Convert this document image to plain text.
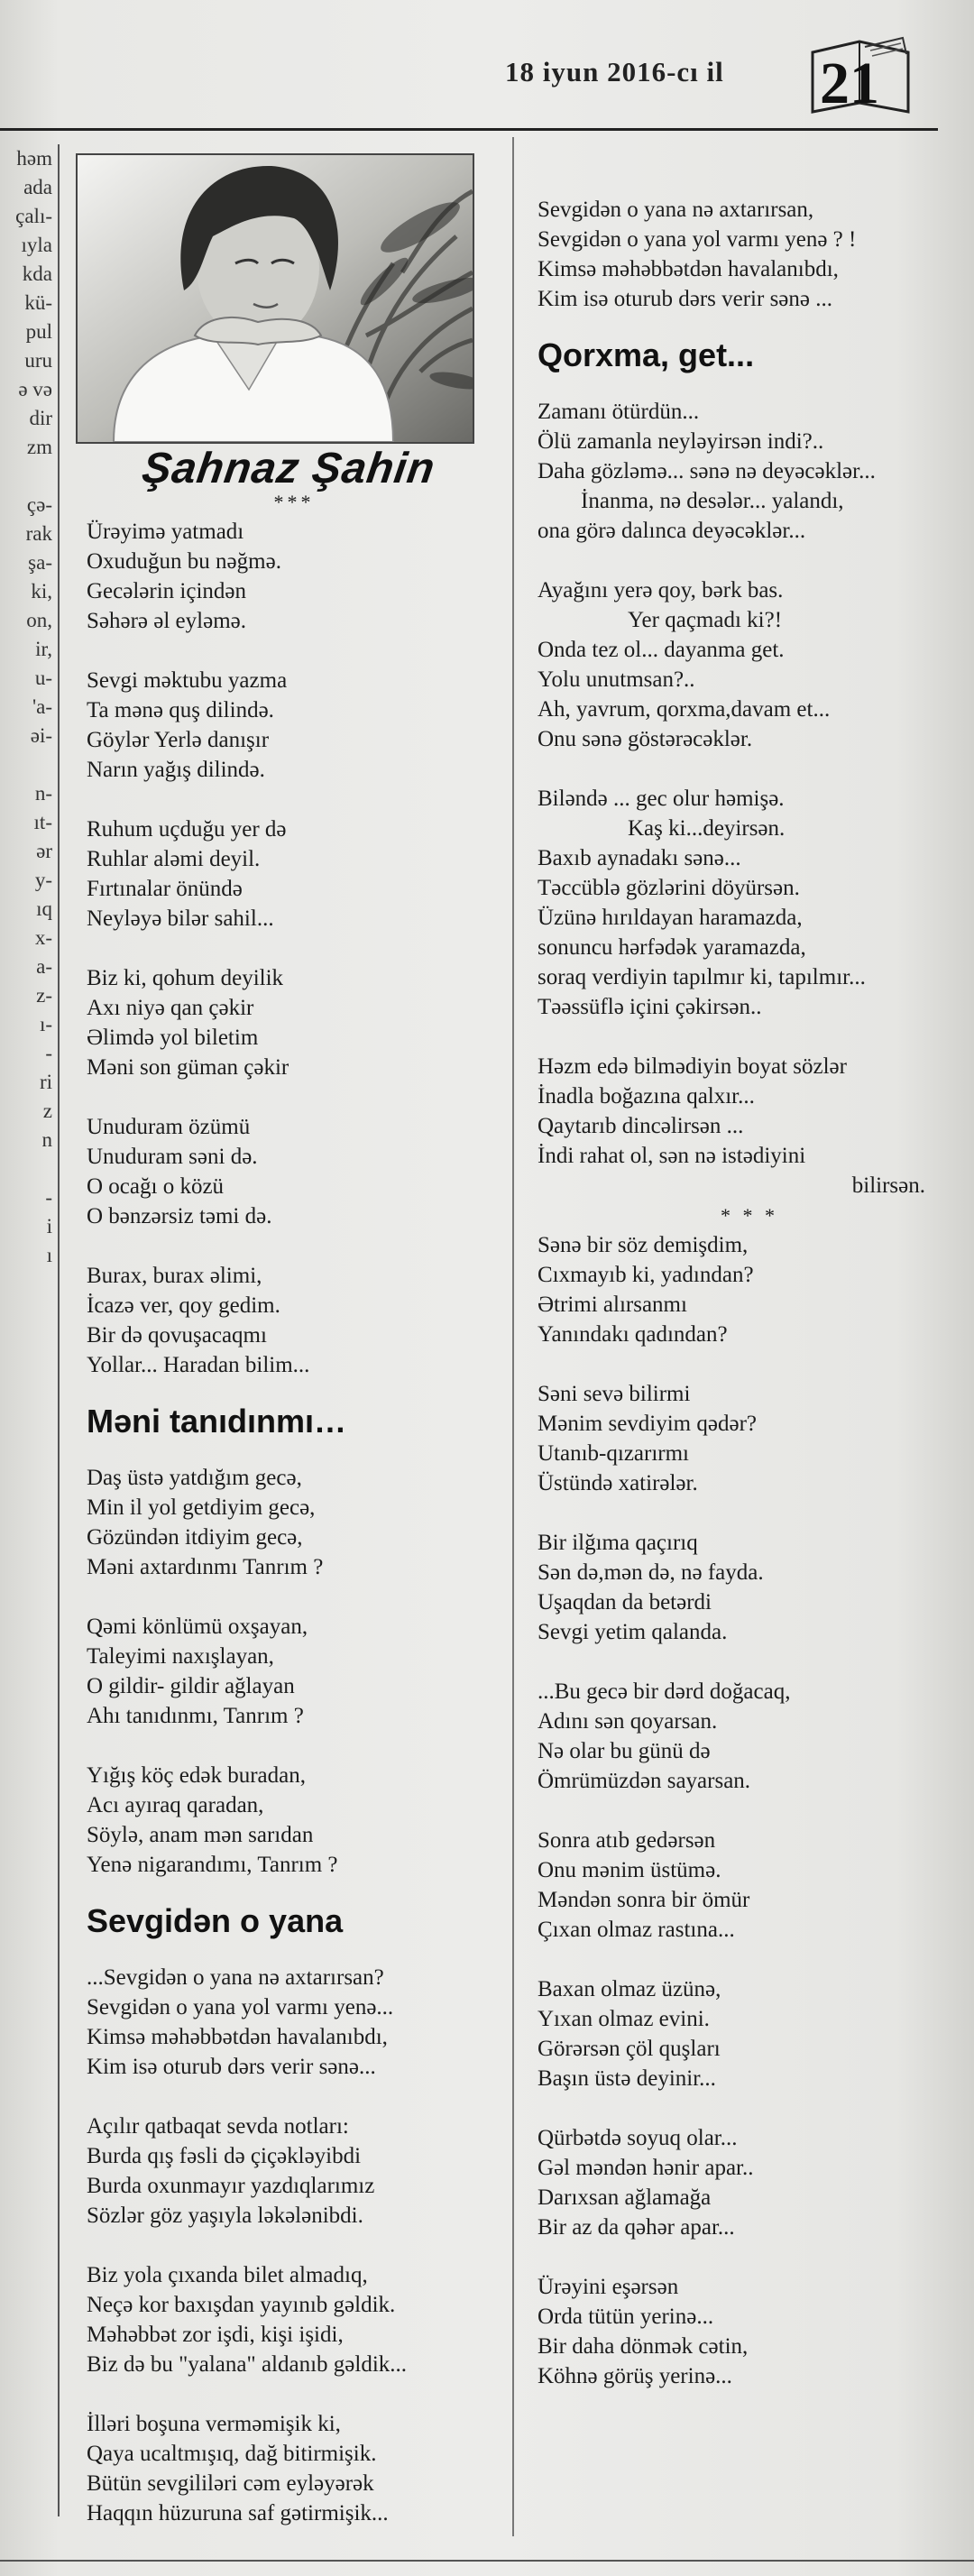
18 iyun 2016-cı il 21
həm
ada
çalı-
ıyla
kda
kü-
pul
uru
ə və
dir
zm

çə-
rak
şa-
ki,
on,
ir,
u-
'a-
əi-

n-
ıt-
ər
y-
ıq
x-
a-
z-
ı-
-
ri
z
n

-
i
ı

Şahnaz Şahin
***
Ürəyimə yatmadı
Oxuduğun bu nəğmə.
Gecələrin içindən
Səhərə əl eyləmə.
Sevgi məktubu yazma
Ta mənə quş dilində.
Göylər Yerlə danışır
Narın yağış dilində.
Ruhum uçduğu yer də
Ruhlar aləmi deyil.
Fırtınalar önündə
Neyləyə bilər sahil...
Biz ki, qohum deyilik
Axı niyə qan çəkir
Əlimdə yol biletim
Məni son güman çəkir
Unuduram özümü
Unuduram səni də.
O ocağı o közü
O bənzərsiz təmi də.
Burax, burax əlimi,
İcazə ver, qoy gedim.
Bir də qovuşacaqmı
Yollar... Haradan bilim...
Məni tanıdınmı…
Daş üstə yatdığım gecə,
Min il yol getdiyim gecə,
Gözündən itdiyim gecə,
Məni axtardınmı Tanrım ?
Qəmi könlümü oxşayan,
Taleyimi naxışlayan,
O gildir- gildir ağlayan
Ahı tanıdınmı, Tanrım ?
Yığış köç edək buradan,
Acı ayıraq qaradan,
Söylə, anam mən sarıdan
Yenə nigarandımı, Tanrım ?
Sevgidən o yana
...Sevgidən o yana nə axtarırsan?
Sevgidən o yana yol varmı yenə...
Kimsə məhəbbətdən havalanıbdı,
Kim isə oturub dərs verir sənə...
Açılır qatbaqat sevda notları:
Burda qış fəsli də çiçəkləyibdi
Burda oxunmayır yazdıqlarımız
Sözlər göz yaşıyla ləkələnibdi.
Biz yola çıxanda bilet almadıq,
Neçə kor baxışdan yayınıb gəldik.
Məhəbbət zor işdi, kişi işidi,
Biz də bu "yalana" aldanıb gəldik...
İlləri boşuna verməmişik ki,
Qaya ucaltmışıq, dağ bitirmişik.
Bütün sevgililəri cəm eyləyərək
Haqqın hüzuruna saf gətirmişik...
Sevgidən o yana nə axtarırsan,
Sevgidən o yana yol varmı yenə ? !
Kimsə məhəbbətdən havalanıbdı,
Kim isə oturub dərs verir sənə ...
Qorxma, get...
Zamanı ötürdün...
Ölü zamanla neyləyirsən indi?..
Daha gözləmə... sənə nə deyəcəklər...
İnanma, nə desələr... yalandı,
ona görə dalınca deyəcəklər...
Ayağını yerə qoy, bərk bas.
Yer qaçmadı ki?!
Onda tez ol... dayanma get.
Yolu unutmsan?..
Ah, yavrum, qorxma,davam et...
Onu sənə göstərəcəklər.
Biləndə ... gec olur həmişə.
Kaş ki...deyirsən.
Baxıb aynadakı sənə...
Təccüblə gözlərini döyürsən.
Üzünə hırıldayan haramazda,
sonuncu hərfədək yaramazda,
soraq verdiyin tapılmır ki, tapılmır...
Təəssüflə içini çəkirsən..
Həzm edə bilmədiyin boyat sözlər
İnadla boğazına qalxır...
Qaytarıb dincəlirsən ...
İndi rahat ol, sən nə istədiyini
bilirsən.
* * *
Sənə bir söz demişdim,
Cıxmayıb ki, yadından?
Ətrimi alırsanmı
Yanındakı qadından?
Səni sevə bilirmi
Mənim sevdiyim qədər?
Utanıb-qızarırmı
Üstündə xatirələr.
Bir ilğıma qaçırıq
Sən də,mən də, nə fayda.
Uşaqdan da betərdi
Sevgi yetim qalanda.
...Bu gecə bir dərd doğacaq,
Adını sən qoyarsan.
Nə olar bu günü də
Ömrümüzdən sayarsan.
Sonra atıb gedərsən
Onu mənim üstümə.
Məndən sonra bir ömür
Çıxan olmaz rastına...
Baxan olmaz üzünə,
Yıxan olmaz evini.
Görərsən çöl quşları
Başın üstə deyinir...
Qürbətdə soyuq olar...
Gəl məndən hənir apar..
Darıxsan ağlamağa
Bir az da qəhər apar...
Ürəyini eşərsən
Orda tütün yerinə...
Bir daha dönmək cətin,
Köhnə görüş yerinə...
